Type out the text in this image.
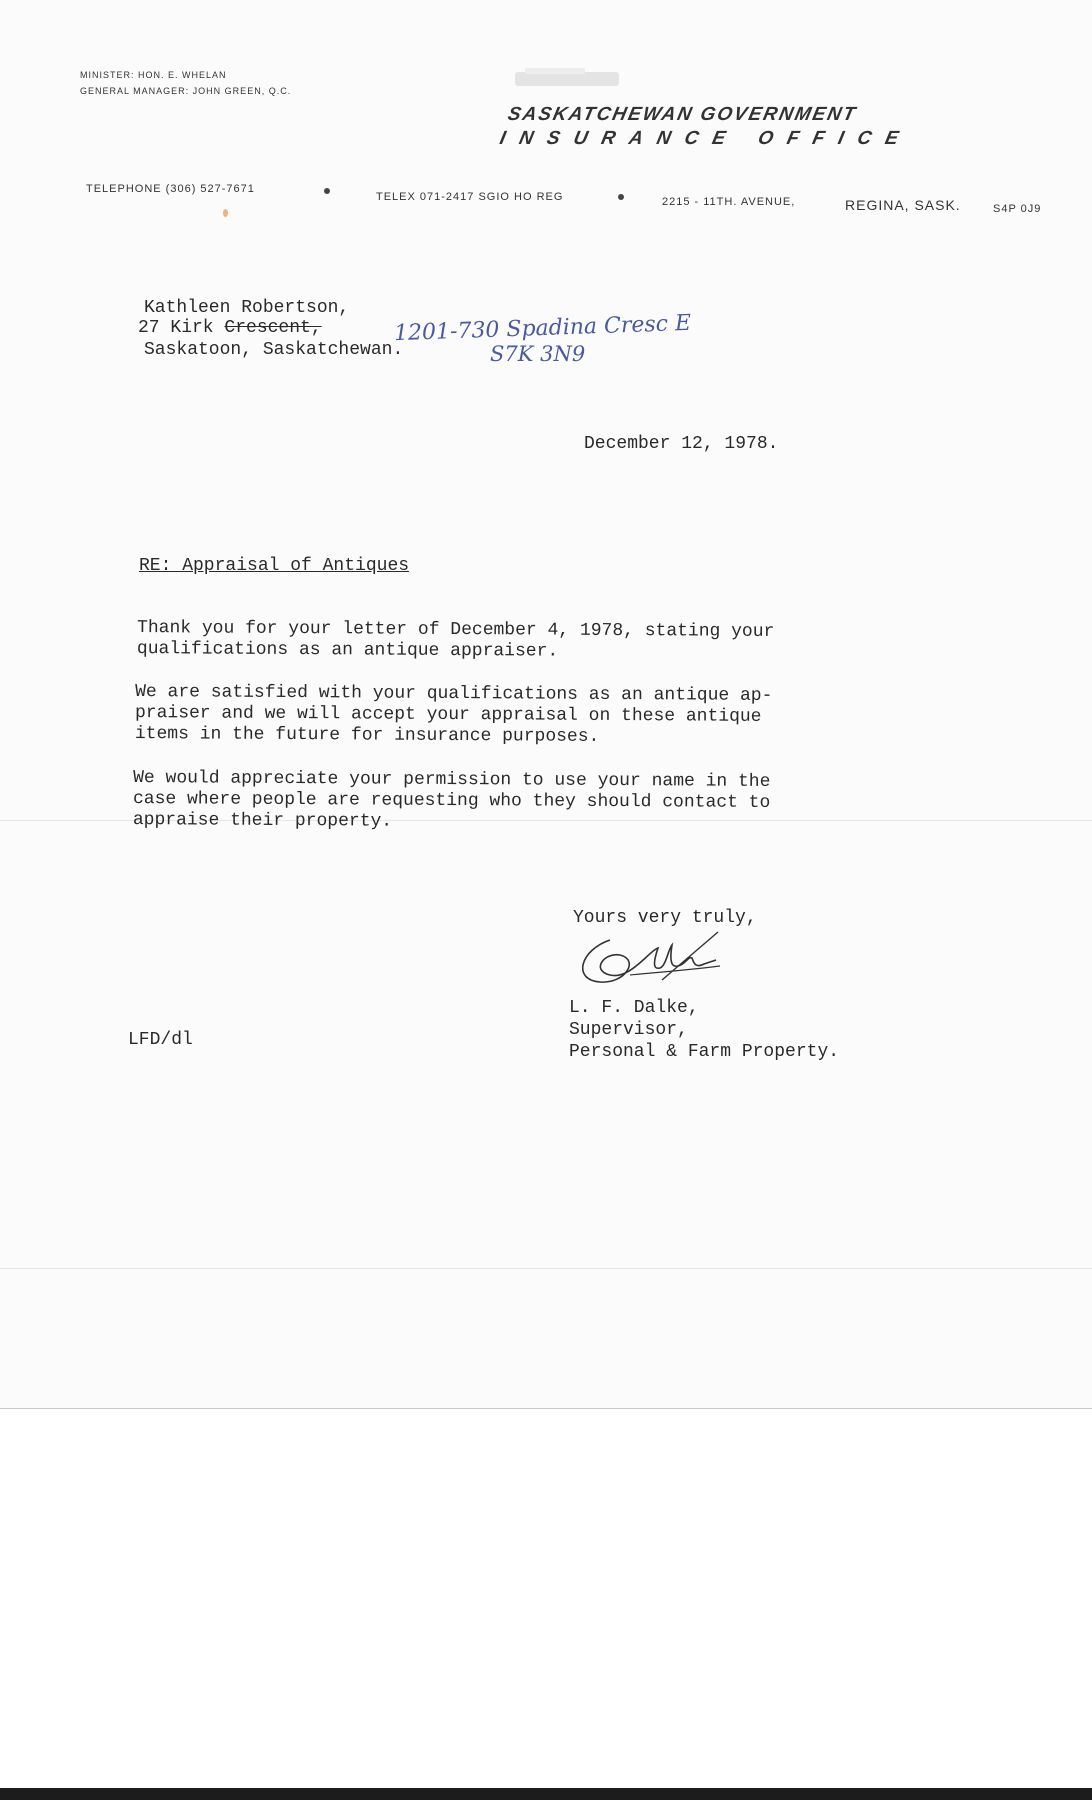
MINISTER: HON. E. WHELAN
GENERAL MANAGER: JOHN GREEN, Q.C.
SASKATCHEWAN GOVERNMENT
INSURANCE OFFICE
TELEPHONE (306) 527-7671
TELEX 071-2417 SGIO HO REG	2215 - 11TH. AVENUE,	REGINA, SASK.	S4P 0J9
Kathleen Robertson,
27 Kirk Crescent,	1201-730 Spadina Cresc E
Saskatoon, Saskatchewan.	S7K 3N9
December 12, 1978.
RE: Appraisal of Antiques
Thank you for your letter of December 4, 1978, stating your
qualifications as an antique appraiser.
We are satisfied with your qualifications as an antique ap-
praiser and we will accept your appraisal on these antique
items in the future for insurance purposes.
We would appreciate your permission to use your name in the
case where people are requesting who they should contact to
appraise their property.
Yours very truly,
L. F. Dalke,
Supervisor,
Personal & Farm Property.
LFD/dl
